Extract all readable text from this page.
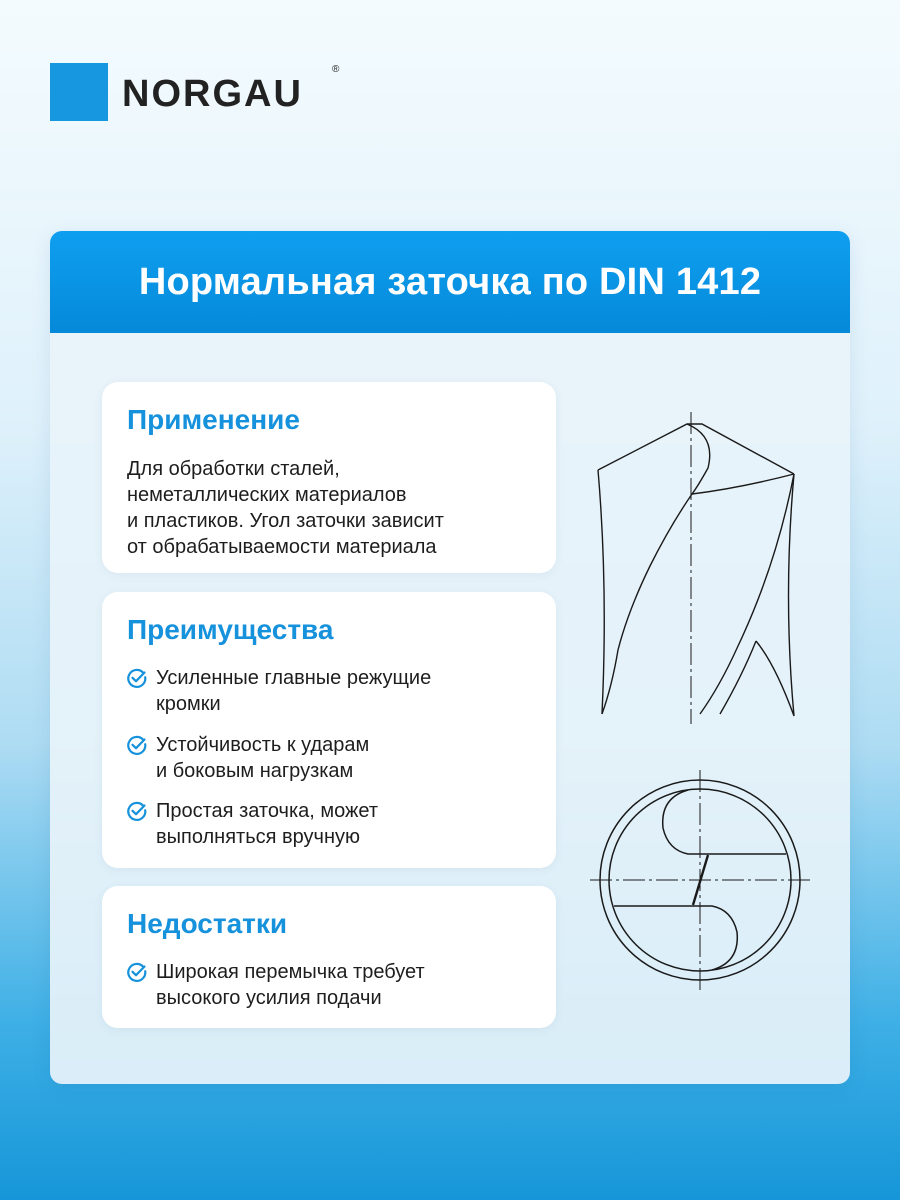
NORGAU
®
Нормальная заточка по DIN 1412
Применение
Для обработки сталей,
неметаллических материалов
и пластиков. Угол заточки зависит
от обрабатываемости материала
Преимущества
Усиленные главные режущие
кромки
Устойчивость к ударам
и боковым нагрузкам
Простая заточка, может
выполняться вручную
Недостатки
Широкая перемычка требует
высокого усилия подачи
